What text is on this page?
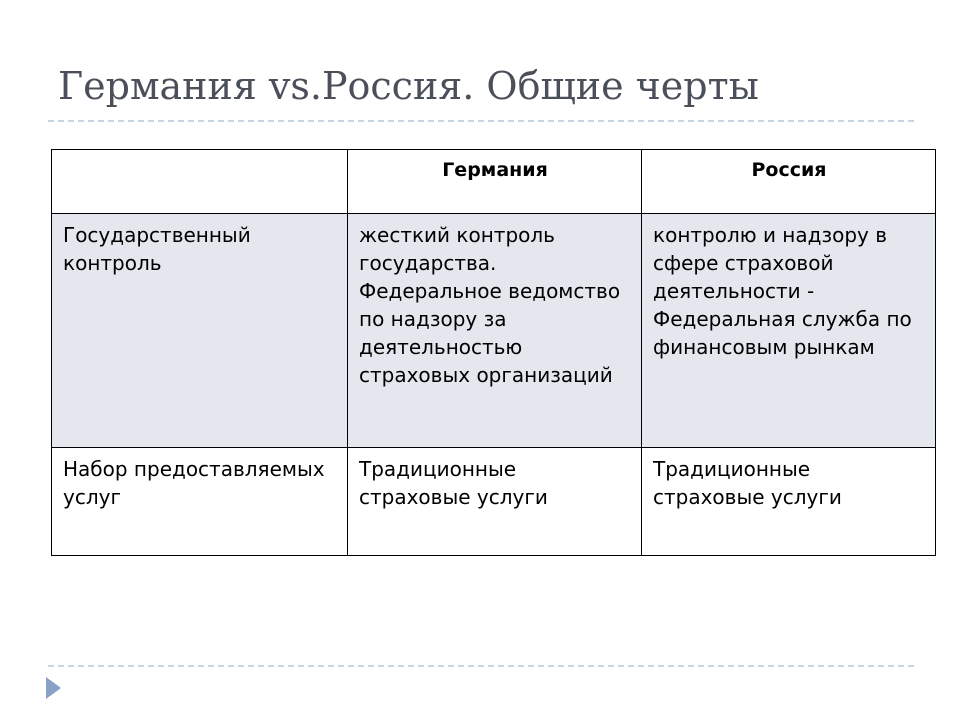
Германия vs.Россия. Общие черты
	Германия	Россия
Государственный контроль	жесткий контроль государства. Федеральное ведомство по надзору за деятельностью страховых организаций	контролю и надзору в сфере страховой деятельности - Федеральная служба по финансовым рынкам
Набор предоставляемых услуг	Традиционные страховые услуги	Традиционные страховые услуги
